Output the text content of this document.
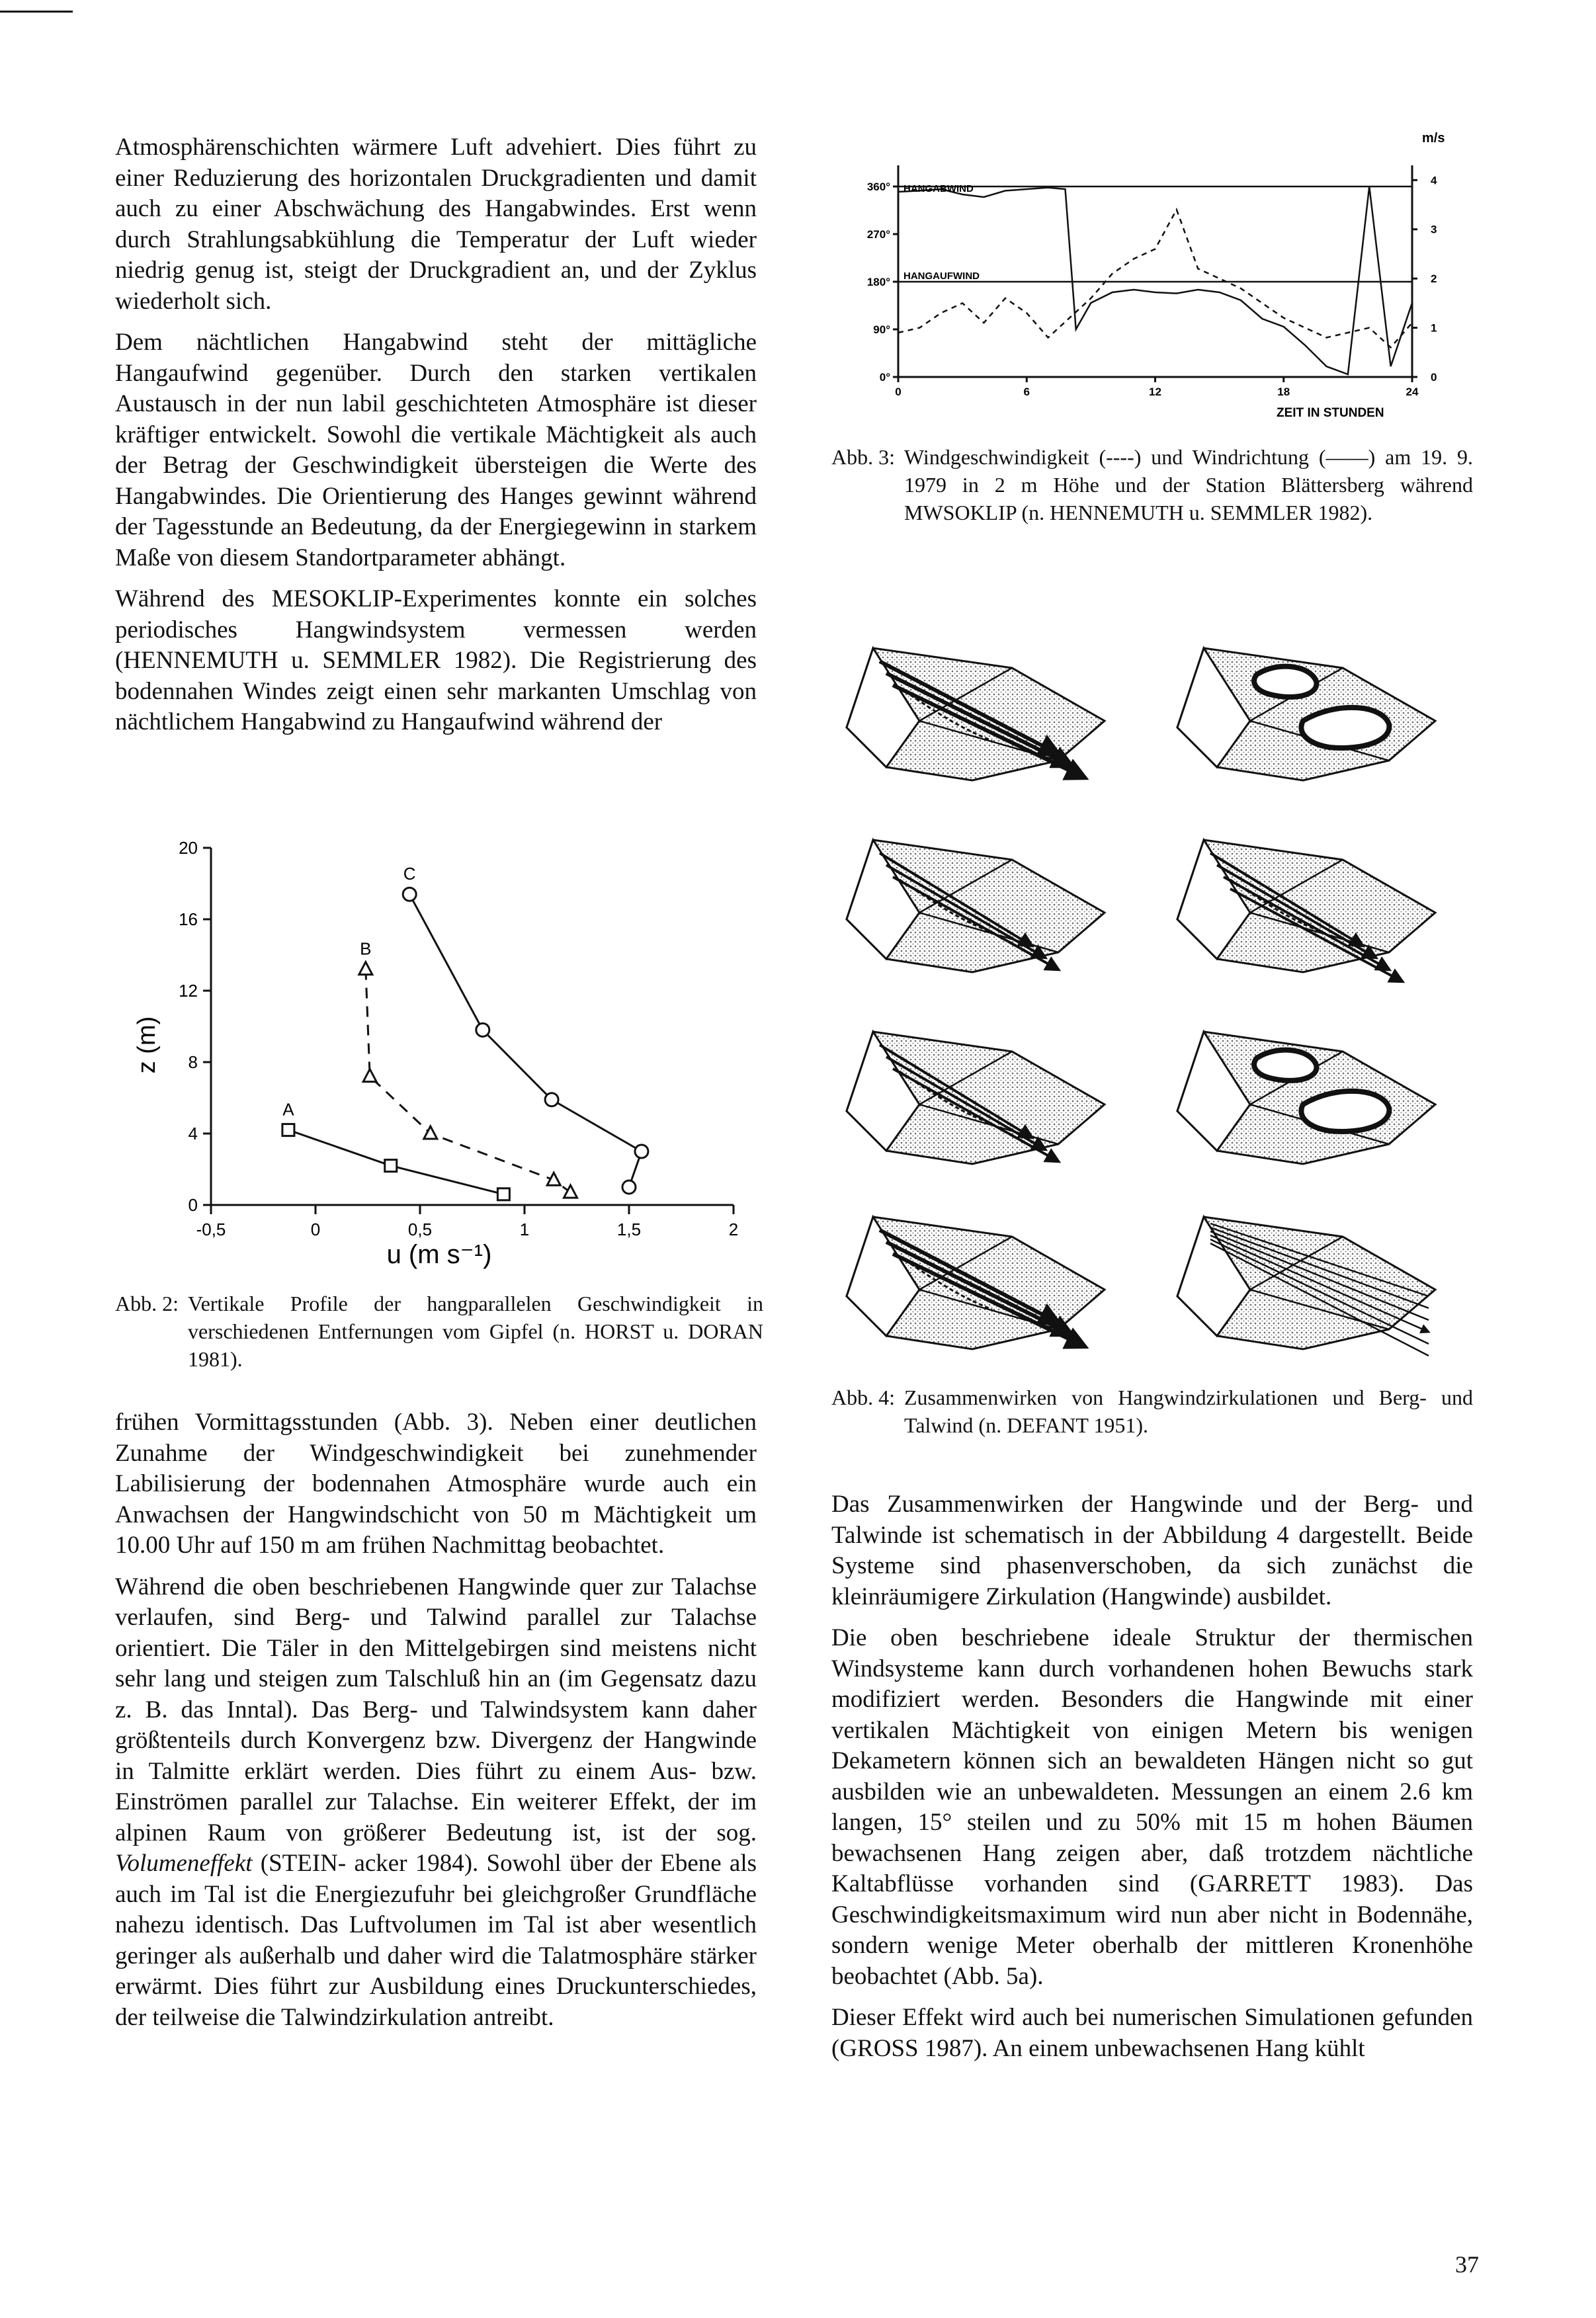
Atmosphärenschichten wärmere Luft advehiert. Dies führt zu einer Reduzierung des horizontalen Druckgradienten und damit auch zu einer Abschwächung des Hangabwindes. Erst wenn durch Strahlungsabkühlung die Temperatur der Luft wieder niedrig genug ist, steigt der Druckgradient an, und der Zyklus wiederholt sich.

Dem nächtlichen Hangabwind steht der mittägliche Hangaufwind gegenüber. Durch den starken vertikalen Austausch in der nun labil geschichteten Atmosphäre ist dieser kräftiger entwickelt. Sowohl die vertikale Mächtigkeit als auch der Betrag der Geschwindigkeit übersteigen die Werte des Hangabwindes. Die Orientierung des Hanges gewinnt während der Tagesstunde an Bedeutung, da der Energiegewinn in starkem Maße von diesem Standortparameter abhängt.

Während des MESOKLIP-Experimentes konnte ein solches periodisches Hangwindsystem vermessen werden (HENNEMUTH u. SEMMLER 1982). Die Registrierung des bodennahen Windes zeigt einen sehr markanten Umschlag von nächtlichem Hangabwind zu Hangaufwind während der

0
4
8
12
16
20
-0,5	0	0,5	1	1,5	2
A
B
C
z (m)
u (m s⁻¹)
Abb. 2: Vertikale Profile der hangparallelen Geschwindigkeit in verschiedenen Entfernungen vom Gipfel (n. HORST u. DORAN 1981).

frühen Vormittagsstunden (Abb. 3). Neben einer deutlichen Zunahme der Windgeschwindigkeit bei zunehmender Labilisierung der bodennahen Atmosphäre wurde auch ein Anwachsen der Hangwindschicht von 50 m Mächtigkeit um 10.00 Uhr auf 150 m am frühen Nachmittag beobachtet.

Während die oben beschriebenen Hangwinde quer zur Talachse verlaufen, sind Berg- und Talwind parallel zur Talachse orientiert. Die Täler in den Mittelgebirgen sind meistens nicht sehr lang und steigen zum Talschluß hin an (im Gegensatz dazu z. B. das Inntal). Das Berg- und Talwindsystem kann daher größtenteils durch Konvergenz bzw. Divergenz der Hangwinde in Talmitte erklärt werden. Dies führt zu einem Aus- bzw. Einströmen parallel zur Talachse. Ein weiterer Effekt, der im alpinen Raum von größerer Bedeutung ist, ist der sog. Volumeneffekt (STEIN- acker 1984). Sowohl über der Ebene als auch im Tal ist die Energiezufuhr bei gleichgroßer Grundfläche nahezu identisch. Das Luftvolumen im Tal ist aber wesentlich geringer als außerhalb und daher wird die Talatmosphäre stärker erwärmt. Dies führt zur Ausbildung eines Druckunterschiedes, der teilweise die Talwindzirkulation antreibt.

0°
90°
180°
270°
360°
0
1
2
3
4
0	6	12	18	24
m/s
HANGABWIND
HANGAUFWIND
ZEIT IN STUNDEN
Abb. 3: Windgeschwindigkeit (----) und Windrichtung (——) am 19. 9. 1979 in 2 m Höhe und der Station Blättersberg während MWSOKLIP (n. HENNEMUTH u. SEMMLER 1982).
Abb. 4: Zusammenwirken von Hangwindzirkulationen und Berg- und Talwind (n. DEFANT 1951).

Das Zusammenwirken der Hangwinde und der Berg- und Talwinde ist schematisch in der Abbildung 4 dargestellt. Beide Systeme sind phasenverschoben, da sich zunächst die kleinräumigere Zirkulation (Hangwinde) ausbildet.

Die oben beschriebene ideale Struktur der thermischen Windsysteme kann durch vorhandenen hohen Bewuchs stark modifiziert werden. Besonders die Hangwinde mit einer vertikalen Mächtigkeit von einigen Metern bis wenigen Dekametern können sich an bewaldeten Hängen nicht so gut ausbilden wie an unbewaldeten. Messungen an einem 2.6 km langen, 15° steilen und zu 50% mit 15 m hohen Bäumen bewachsenen Hang zeigen aber, daß trotzdem nächtliche Kaltabflüsse vorhanden sind (GARRETT 1983). Das Geschwindigkeitsmaximum wird nun aber nicht in Bodennähe, sondern wenige Meter oberhalb der mittleren Kronenhöhe beobachtet (Abb. 5a).

Dieser Effekt wird auch bei numerischen Simulationen gefunden (GROSS 1987). An einem unbewachsenen Hang kühlt

37
